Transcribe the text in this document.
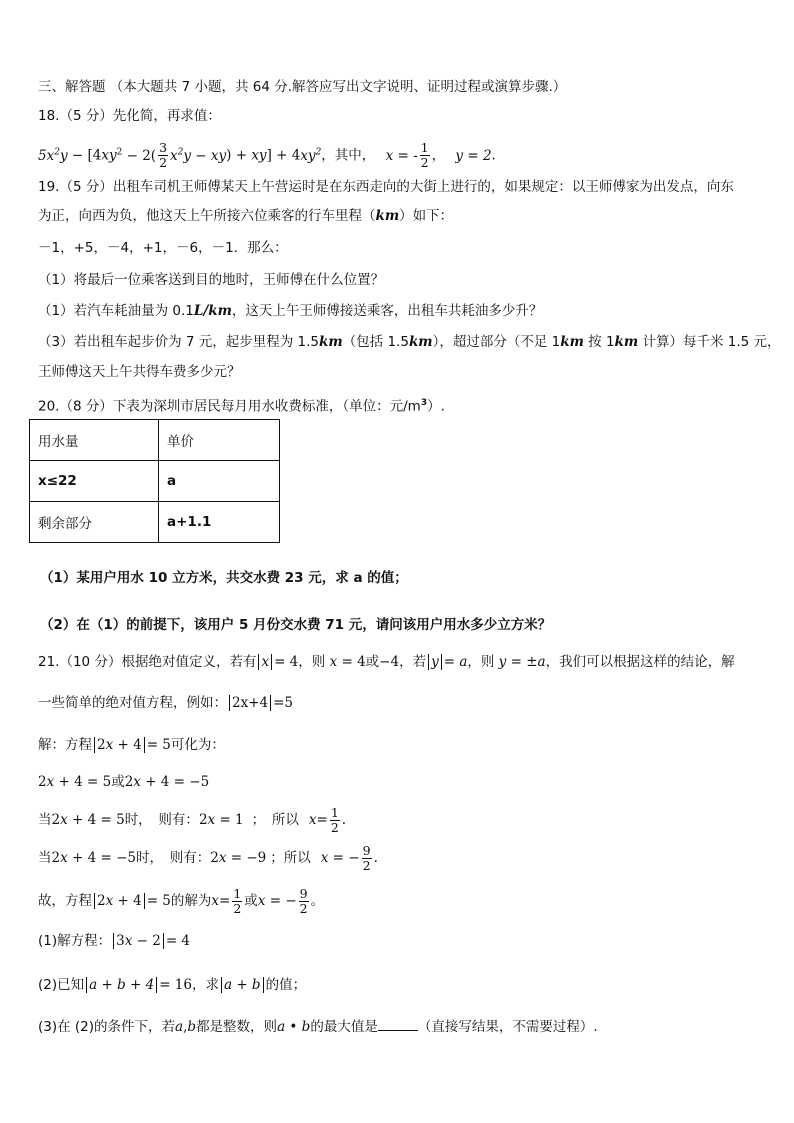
三、解答题 （本大题共 7 小题，共 64 分.解答应写出文字说明、证明过程或演算步骤.）
18.（5 分）先化简，再求值：
$5x^2y - [4xy^2 - 2( \frac{3}{2} x^2y - xy) + xy] + 4xy^2$，其中， x = - $\frac{1}{2}$ ， y = 2．
19.（5 分）出租车司机王师傅某天上午营运时是在东西走向的大街上进行的，如果规定：以王师傅家为出发点，向东
为正，向西为负，他这天上午所接六位乘客的行车里程（km）如下：
－1，+5，－4，+1，－6，－1．那么：
（1）将最后一位乘客送到目的地时，王师傅在什么位置？
（1）若汽车耗油量为 0.1L/km，这天上午王师傅接送乘客，出租车共耗油多少升？
（3）若出租车起步价为 7 元，起步里程为 1.5km（包括 1.5km），超过部分（不足 1km 按 1km 计算）每千米 1.5 元，
王师傅这天上午共得车费多少元？
20.（8 分）下表为深圳市居民每月用水收费标准，（单位：元$/m^3$）.
用水量	单价
x≤22	a
剩余部分	a+1.1
（1）某用户用水 10 立方米，共交水费 23 元，求 a 的值；
（2）在（1）的前提下，该用户 5 月份交水费 71 元，请问该用户用水多少立方米？
21.（10 分）根据绝对值定义，若有 x = 4，则 x = 4或−4，若 y = a，则 y = ±a，我们可以根据这样的结论，解
一些简单的绝对值方程，例如： 2x+4 =5
解：方程 2x + 4 = 5可化为：
2x + 4 = 5或2x + 4 = −5
当2x + 4 = 5时，　则有：2x = 1 ；　所以 $x= \frac{1}{2}$ .
当2x + 4 = −5时，　则有：2x = −9 ；所以 x = − $\frac{9}{2}$ .
故，方程 2x + 4 = 5的解为$x= \frac{1}{2}$ 或x = − $\frac{9}{2}$ 。
(1)解方程： 3x − 2 = 4
(2)已知 a + b + 4 = 16，求 a + b 的值；
(3)在 (2)的条件下，若a,b都是整数，则a • b的最大值是	（直接写结果，不需要过程）.
